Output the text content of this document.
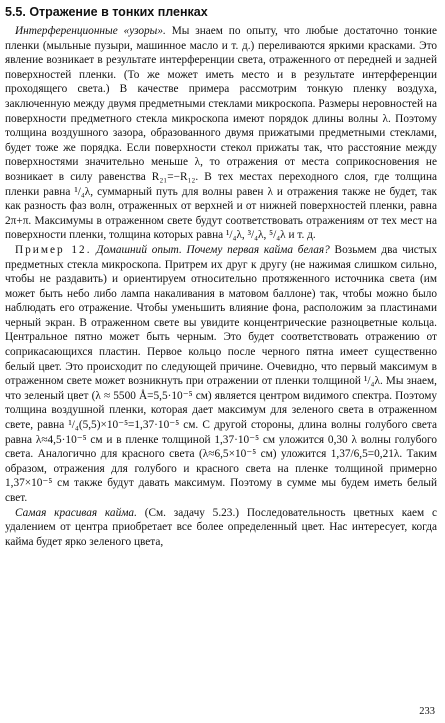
5.5. Отражение в тонких пленках

Интерференционные «узоры». Мы знаем по опыту, что любые достаточно тонкие пленки (мыльные пузыри, машинное масло и т. д.) переливаются яркими красками. Это явление возникает в результате интерференции света, отраженного от передней и задней поверхностей пленки. (То же может иметь место и в результате интерференции проходящего света.) В качестве примера рассмотрим тонкую пленку воздуха, заключенную между двумя предметными стеклами микроскопа. Размеры неровностей на поверхности предметного стекла микроскопа имеют порядок длины волны λ. Поэтому толщина воздушного зазора, образованного двумя прижатыми предметными стеклами, будет тоже же порядка. Если поверхности стекол прижаты так, что расстояние между поверхностями значительно меньше λ, то отражения от места соприкосновения не возникает в силу равенства R₂₁=−R₁₂. В тех местах переходного слоя, где толщина пленки равна ¹/₄λ, суммарный путь для волны равен λ и отражения также не будет, так как разность фаз волн, отраженных от верхней и от нижней поверхностей пленки, равна 2π+π. Максимумы в отраженном свете будут соответствовать отражениям от тех мест на поверхности пленки, толщина которых равна ¹/₄λ, ³/₄λ, ⁵/₄λ и т. д.

Пример 12. Домашний опыт. Почему первая кайма белая? Возьмем два чистых предметных стекла микроскопа. Притрем их друг к другу (не нажимая слишком сильно, чтобы не раздавить) и ориентируем относительно протяженного источника света (им может быть небо либо лампа накаливания в матовом баллоне) так, чтобы можно было наблюдать его отражение. Чтобы уменьшить влияние фона, расположим за пластинами черный экран. В отраженном свете вы увидите концентрические разноцветные кольца. Центральное пятно может быть черным. Это будет соответствовать отражению от соприкасающихся пластин. Первое кольцо после черного пятна имеет существенно белый цвет. Это происходит по следующей причине. Очевидно, что первый максимум в отраженном свете может возникнуть при отражении от пленки толщиной ¹/₄λ. Мы знаем, что зеленый цвет (λ ≈ 5500 Å=5,5·10⁻⁵ см) является центром видимого спектра. Поэтому толщина воздушной пленки, которая дает максимум для зеленого света в отраженном свете, равна ¹/₄(5,5)×10⁻⁵=1,37·10⁻⁵ см. С другой стороны, длина волны голубого света равна λ≈4,5·10⁻⁵ см и в пленке толщиной 1,37·10⁻⁵ см уложится 0,30 λ волны голубого света. Аналогично для красного света (λ≈6,5×10⁻⁵ см) уложится 1,37/6,5=0,21λ. Таким образом, отражения для голубого и красного света на пленке толщиной примерно 1,37×10⁻⁵ см также будут давать максимум. Поэтому в сумме мы будем иметь белый свет.

Самая красивая кайма. (См. задачу 5.23.) Последовательность цветных каем с удалением от центра приобретает все более определенный цвет. Нас интересует, когда кайма будет ярко зеленого цвета,

233
